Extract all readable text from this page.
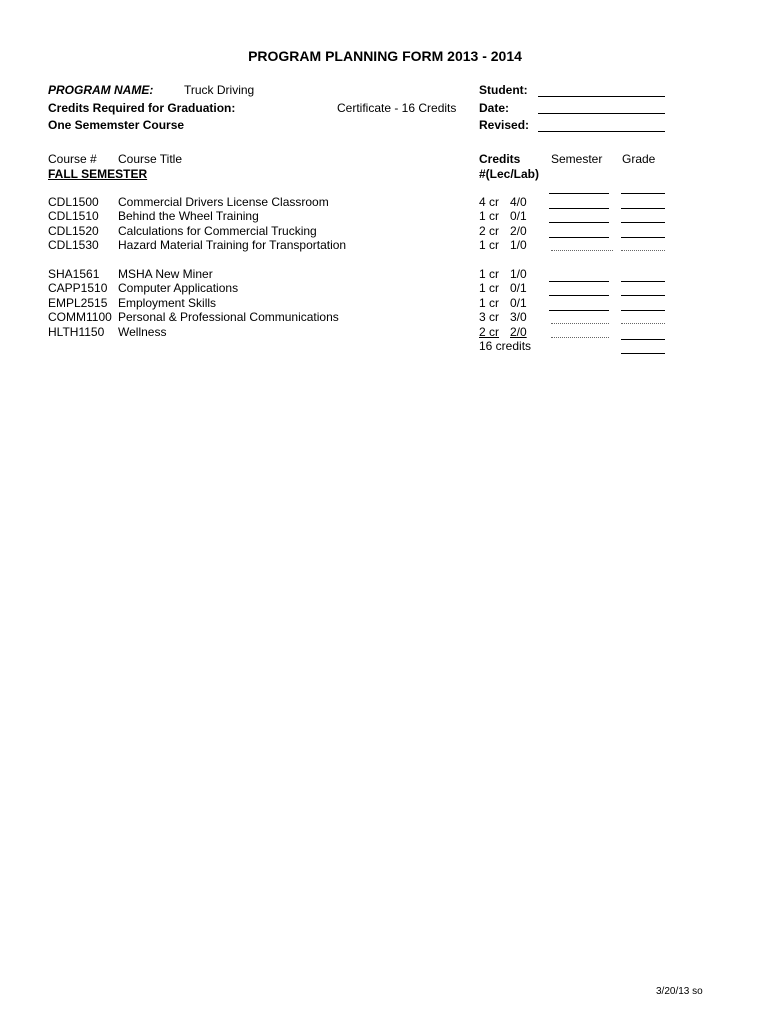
PROGRAM PLANNING FORM 2013 - 2014
PROGRAM NAME:	Truck Driving
Credits Required for Graduation:	Certificate - 16 Credits
One Sememster Course
Student:
Date:
Revised:
Course # Course Title	Credits
#(Lec/Lab)
Semester Grade
FALL SEMESTER
CDL1500 Commercial Drivers License Classroom	4 cr 4/0
CDL1510 Behind the Wheel Training	1 cr 0/1
CDL1520 Calculations for Commercial Trucking	2 cr 2/0
CDL1530 Hazard Material Training for Transportation	1 cr 1/0
SHA1561 MSHA New Miner	1 cr 1/0
CAPP1510 Computer Applications	1 cr 0/1
EMPL2515 Employment Skills	1 cr 0/1
COMM1100 Personal & Professional Communications	3 cr 3/0
HLTH1150 Wellness	2 cr 2/0
16 credits
3/20/13 so
